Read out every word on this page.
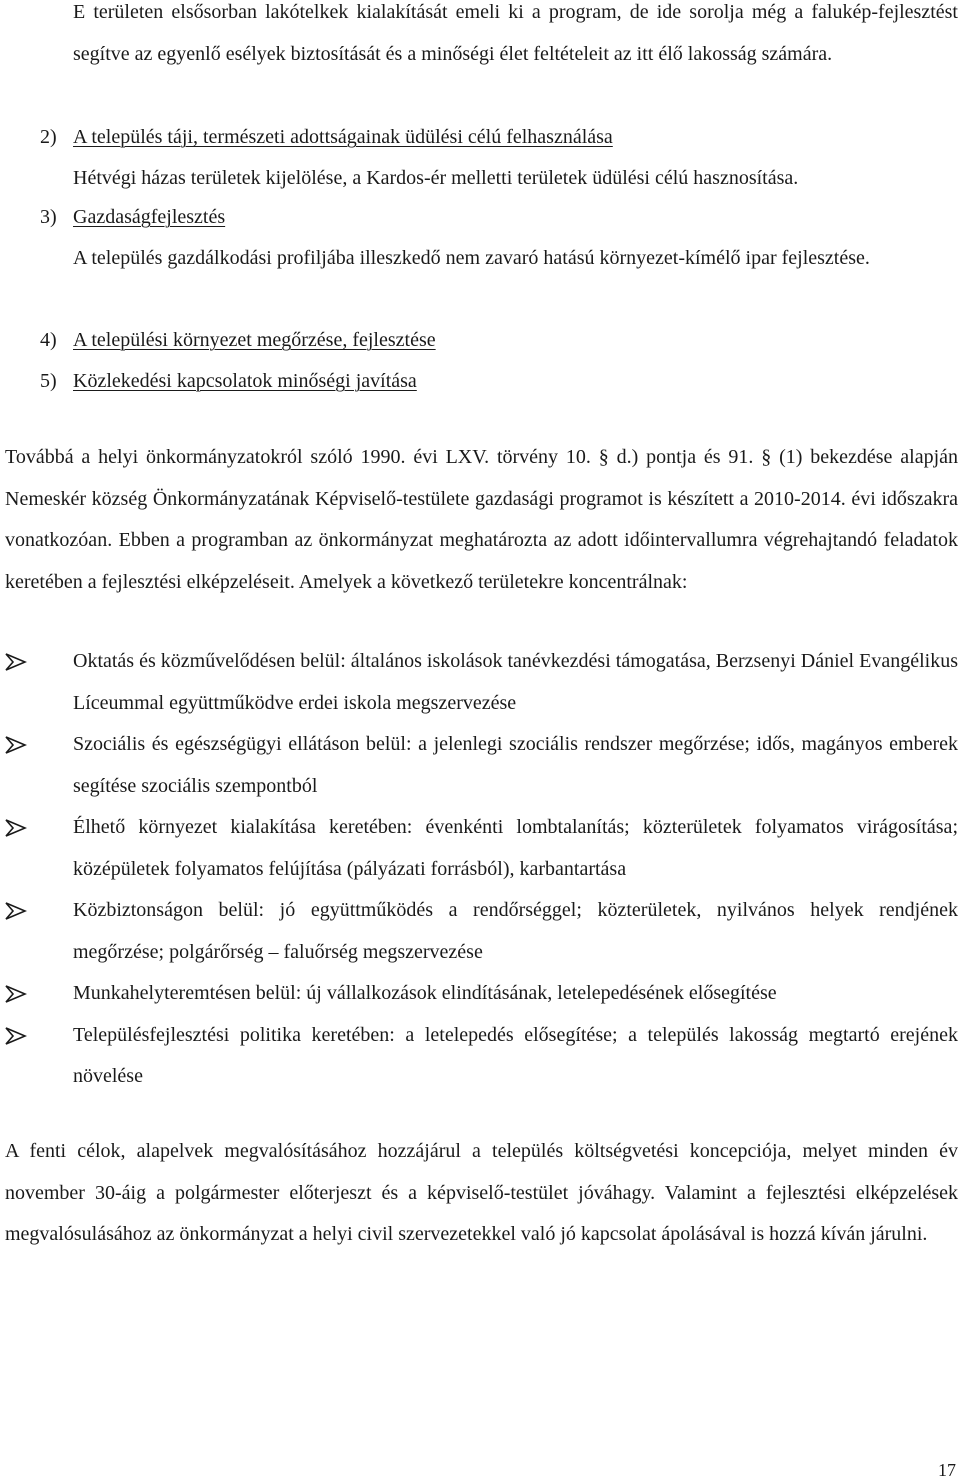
E területen elsősorban lakótelkek kialakítását emeli ki a program, de ide sorolja még a falukép-fejlesztést segítve az egyenlő esélyek biztosítását és a minőségi élet feltételeit az itt élő lakosság számára.
2) A település táji, természeti adottságainak üdülési célú felhasználása
Hétvégi házas területek kijelölése, a Kardos-ér melletti területek üdülési célú hasznosítása.
3) Gazdaságfejlesztés
A település gazdálkodási profiljába illeszkedő nem zavaró hatású környezet-kímélő ipar fejlesztése.
4) A települési környezet megőrzése, fejlesztése
5) Közlekedési kapcsolatok minőségi javítása
Továbbá a helyi önkormányzatokról szóló 1990. évi LXV. törvény 10. § d.) pontja és 91. § (1) bekezdése alapján Nemeskér község Önkormányzatának Képviselő-testülete gazdasági programot is készített a 2010-2014. évi időszakra vonatkozóan. Ebben a programban az önkormányzat meghatározta az adott időintervallumra végrehajtandó feladatok keretében a fejlesztési elképzeléseit. Amelyek a következő területekre koncentrálnak:
Oktatás és közművelődésen belül: általános iskolások tanévkezdési támogatása, Berzsenyi Dániel Evangélikus Líceummal együttműködve erdei iskola megszervezése
Szociális és egészségügyi ellátáson belül: a jelenlegi szociális rendszer megőrzése; idős, magányos emberek segítése szociális szempontból
Élhető környezet kialakítása keretében: évenkénti lombtalanítás; közterületek folyamatos virágosítása; középületek folyamatos felújítása (pályázati forrásból), karbantartása
Közbiztonságon belül: jó együttműködés a rendőrséggel; közterületek, nyilvános helyek rendjének megőrzése; polgárőrség – faluőrség megszervezése
Munkahelyteremtésen belül: új vállalkozások elindításának, letelepedésének elősegítése
Településfejlesztési politika keretében: a letelepedés elősegítése; a település lakosság megtartó erejének növelése
A fenti célok, alapelvek megvalósításához hozzájárul a település költségvetési koncepciója, melyet minden év november 30-áig a polgármester előterjeszt és a képviselő-testület jóváhagy. Valamint a fejlesztési elképzelések megvalósulásához az önkormányzat a helyi civil szervezetekkel való jó kapcsolat ápolásával is hozzá kíván járulni.
17
